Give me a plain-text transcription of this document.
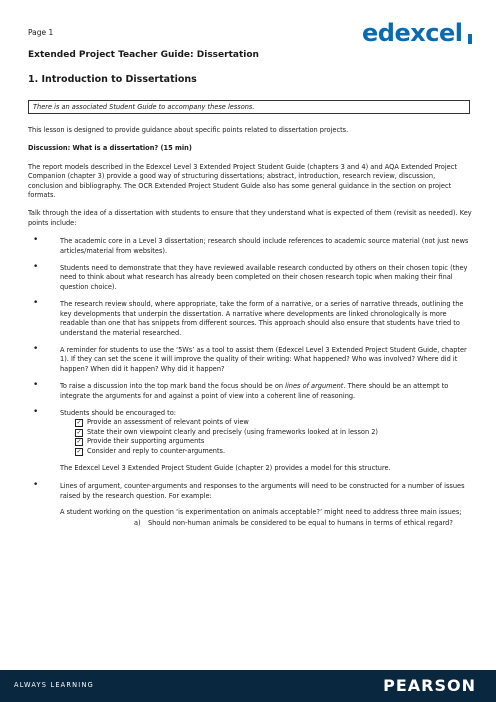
Page 1	edexcel
Extended Project Teacher Guide: Dissertation
1. Introduction to Dissertations
There is an associated Student Guide to accompany these lessons.

This lesson is designed to provide guidance about specific points related to dissertation projects.

Discussion: What is a dissertation? (15 min)

The report models described in the Edexcel Level 3 Extended Project Student Guide (chapters 3 and 4) and AQA Extended Project Companion (chapter 3) provide a good way of structuring dissertations; abstract, introduction, research review, discussion, conclusion and bibliography. The OCR Extended Project Student Guide also has some general guidance in the section on project formats.

Talk through the idea of a dissertation with students to ensure that they understand what is expected of them (revisit as needed). Key points include:

• The academic core in a Level 3 dissertation; research should include references to academic source material (not just news articles/material from websites).
• Students need to demonstrate that they have reviewed available research conducted by others on their chosen topic (they need to think about what research has already been completed on their chosen research topic when making their final question choice).
• The research review should, where appropriate, take the form of a narrative, or a series of narrative threads, outlining the key developments that underpin the dissertation. A narrative where developments are linked chronologically is more readable than one that has snippets from different sources. This approach should also ensure that students have tried to understand the material researched.
• A reminder for students to use the ‘5Ws’ as a tool to assist them (Edexcel Level 3 Extended Project Student Guide, chapter 1). If they can set the scene it will improve the quality of their writing: What happened? Who was involved? Where did it happen? When did it happen? Why did it happen?
• To raise a discussion into the top mark band the focus should be on lines of argument. There should be an attempt to integrate the arguments for and against a point of view into a coherent line of reasoning.
• Students should be encouraged to:
✓ Provide an assessment of relevant points of view
✓ State their own viewpoint clearly and precisely (using frameworks looked at in lesson 2)
✓ Provide their supporting arguments
✓ Consider and reply to counter-arguments.
The Edexcel Level 3 Extended Project Student Guide (chapter 2) provides a model for this structure.
• Lines of argument, counter-arguments and responses to the arguments will need to be constructed for a number of issues raised by the research question. For example:
A student working on the question ‘is experimentation on animals acceptable?’ might need to address three main issues;
a) Should non-human animals be considered to be equal to humans in terms of ethical regard?
ALWAYS LEARNING	PEARSON
